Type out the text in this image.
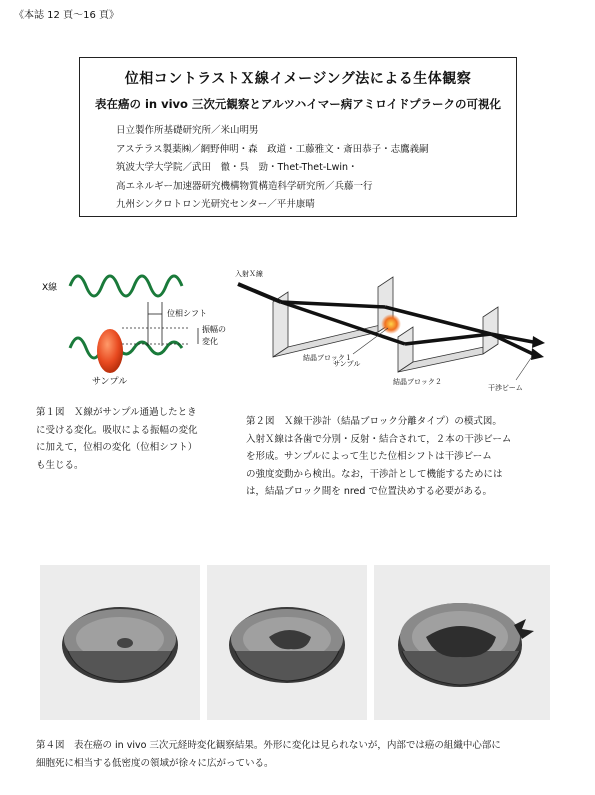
《本誌 12 頁〜16 頁》
位相コントラストＸ線イメージング法による生体観察
表在癌の in vivo 三次元観察とアルツハイマー病アミロイドプラークの可視化
日立製作所基礎研究所／米山明男
アステラス製薬㈱／網野伸明・森　政道・工藤雅文・斎田恭子・志鷹義嗣
筑波大学大学院／武田　徹・呉　勁・Thet-Thet-Lwin・
高エネルギー加速器研究機構物質構造科学研究所／兵藤一行
九州シンクロトロン光研究センター／平井康晴
X線
位相シフト
振幅の
変化
サンプル
入射Ｘ線
結晶ブロック１
サンプル
結晶ブロック２
干渉ビーム
第１図　Ｘ線がサンプル通過したとき
に受ける変化。吸収による振幅の変化
に加えて，位相の変化（位相シフト）
も生じる。
第２図　Ｘ線干渉計（結晶ブロック分離タイプ）の模式図。
入射Ｘ線は各歯で分別・反射・結合されて，２本の干渉ビーム
を形成。サンプルによって生じた位相シフトは干渉ビーム
の強度変動から検出。なお，干渉計として機能するためには
は，結晶ブロック間を nred で位置決めする必要がある。
第４図　表在癌の in vivo 三次元経時変化観察結果。外形に変化は見られないが，内部では癌の組織中心部に
細胞死に相当する低密度の領域が徐々に広がっている。
